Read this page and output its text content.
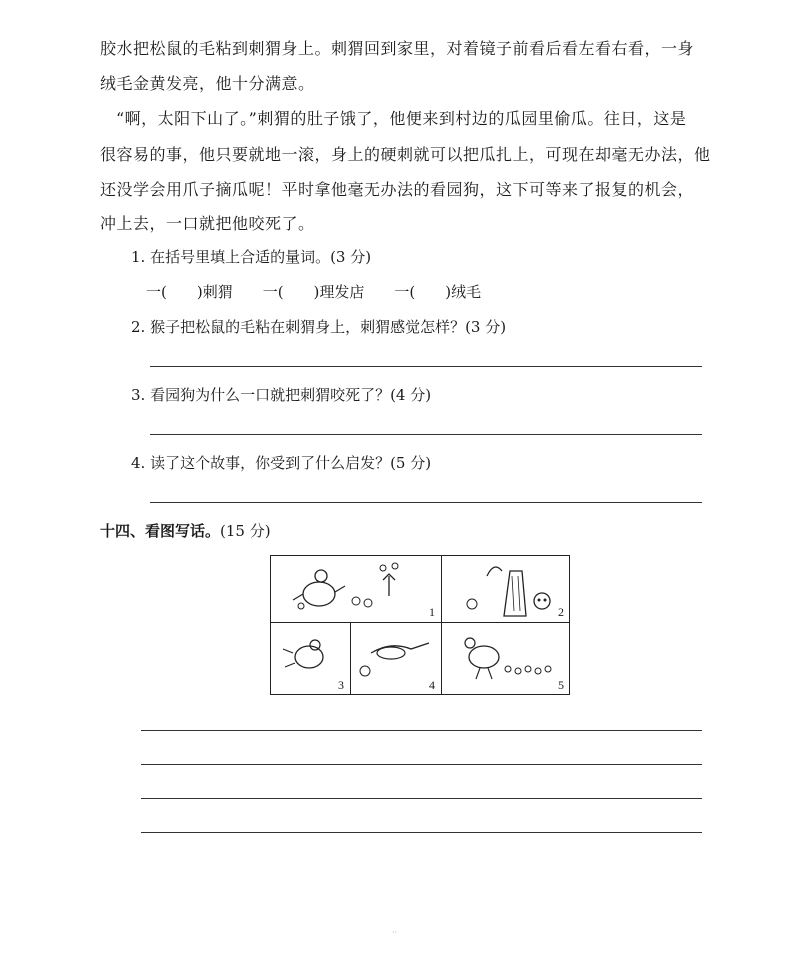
胶水把松鼠的毛粘到刺猬身上。刺猬回到家里，对着镜子前看后看左看右看，一身
绒毛金黄发亮，他十分满意。
“啊，太阳下山了。”刺猬的肚子饿了，他便来到村边的瓜园里偷瓜。往日，这是
很容易的事，他只要就地一滚，身上的硬刺就可以把瓜扎上，可现在却毫无办法，他
还没学会用爪子摘瓜呢！平时拿他毫无办法的看园狗，这下可等来了报复的机会，
冲上去，一口就把他咬死了。
1. 在括号里填上合适的量词。(3 分)
一(　　)刺猬　　一(　　)理发店　　一(　　)绒毛
2. 猴子把松鼠的毛粘在刺猬身上，刺猬感觉怎样？(3 分)
3. 看园狗为什么一口就把刺猬咬死了？(4 分)
4. 读了这个故事，你受到了什么启发？(5 分)
十四、看图写话。(15 分)
1	2
3	4	5
··
